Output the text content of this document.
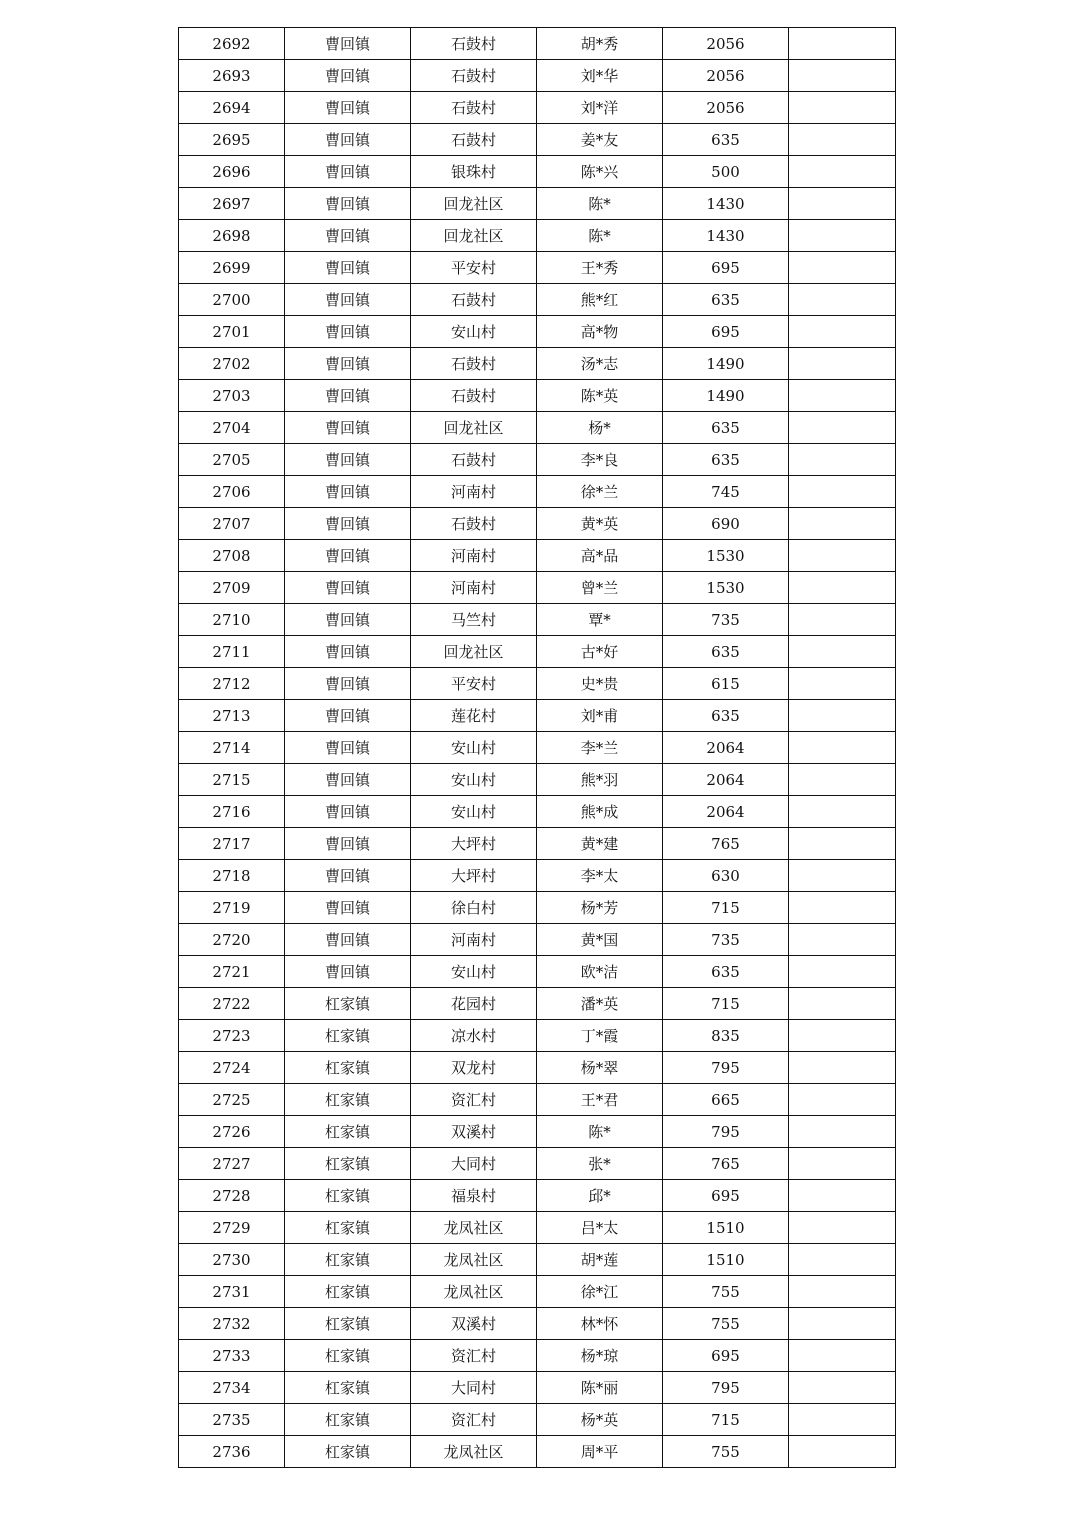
2692	曹回镇	石鼓村	胡*秀	2056	
2693	曹回镇	石鼓村	刘*华	2056	
2694	曹回镇	石鼓村	刘*洋	2056	
2695	曹回镇	石鼓村	姜*友	635	
2696	曹回镇	银珠村	陈*兴	500	
2697	曹回镇	回龙社区	陈*	1430	
2698	曹回镇	回龙社区	陈*	1430	
2699	曹回镇	平安村	王*秀	695	
2700	曹回镇	石鼓村	熊*红	635	
2701	曹回镇	安山村	高*物	695	
2702	曹回镇	石鼓村	汤*志	1490	
2703	曹回镇	石鼓村	陈*英	1490	
2704	曹回镇	回龙社区	杨*	635	
2705	曹回镇	石鼓村	李*良	635	
2706	曹回镇	河南村	徐*兰	745	
2707	曹回镇	石鼓村	黄*英	690	
2708	曹回镇	河南村	高*品	1530	
2709	曹回镇	河南村	曾*兰	1530	
2710	曹回镇	马竺村	覃*	735	
2711	曹回镇	回龙社区	古*好	635	
2712	曹回镇	平安村	史*贵	615	
2713	曹回镇	莲花村	刘*甫	635	
2714	曹回镇	安山村	李*兰	2064	
2715	曹回镇	安山村	熊*羽	2064	
2716	曹回镇	安山村	熊*成	2064	
2717	曹回镇	大坪村	黄*建	765	
2718	曹回镇	大坪村	李*太	630	
2719	曹回镇	徐白村	杨*芳	715	
2720	曹回镇	河南村	黄*国	735	
2721	曹回镇	安山村	欧*洁	635	
2722	杠家镇	花园村	潘*英	715	
2723	杠家镇	凉水村	丁*霞	835	
2724	杠家镇	双龙村	杨*翠	795	
2725	杠家镇	资汇村	王*君	665	
2726	杠家镇	双溪村	陈*	795	
2727	杠家镇	大同村	张*	765	
2728	杠家镇	福泉村	邱*	695	
2729	杠家镇	龙凤社区	吕*太	1510	
2730	杠家镇	龙凤社区	胡*莲	1510	
2731	杠家镇	龙凤社区	徐*江	755	
2732	杠家镇	双溪村	林*怀	755	
2733	杠家镇	资汇村	杨*琼	695	
2734	杠家镇	大同村	陈*丽	795	
2735	杠家镇	资汇村	杨*英	715	
2736	杠家镇	龙凤社区	周*平	755	
